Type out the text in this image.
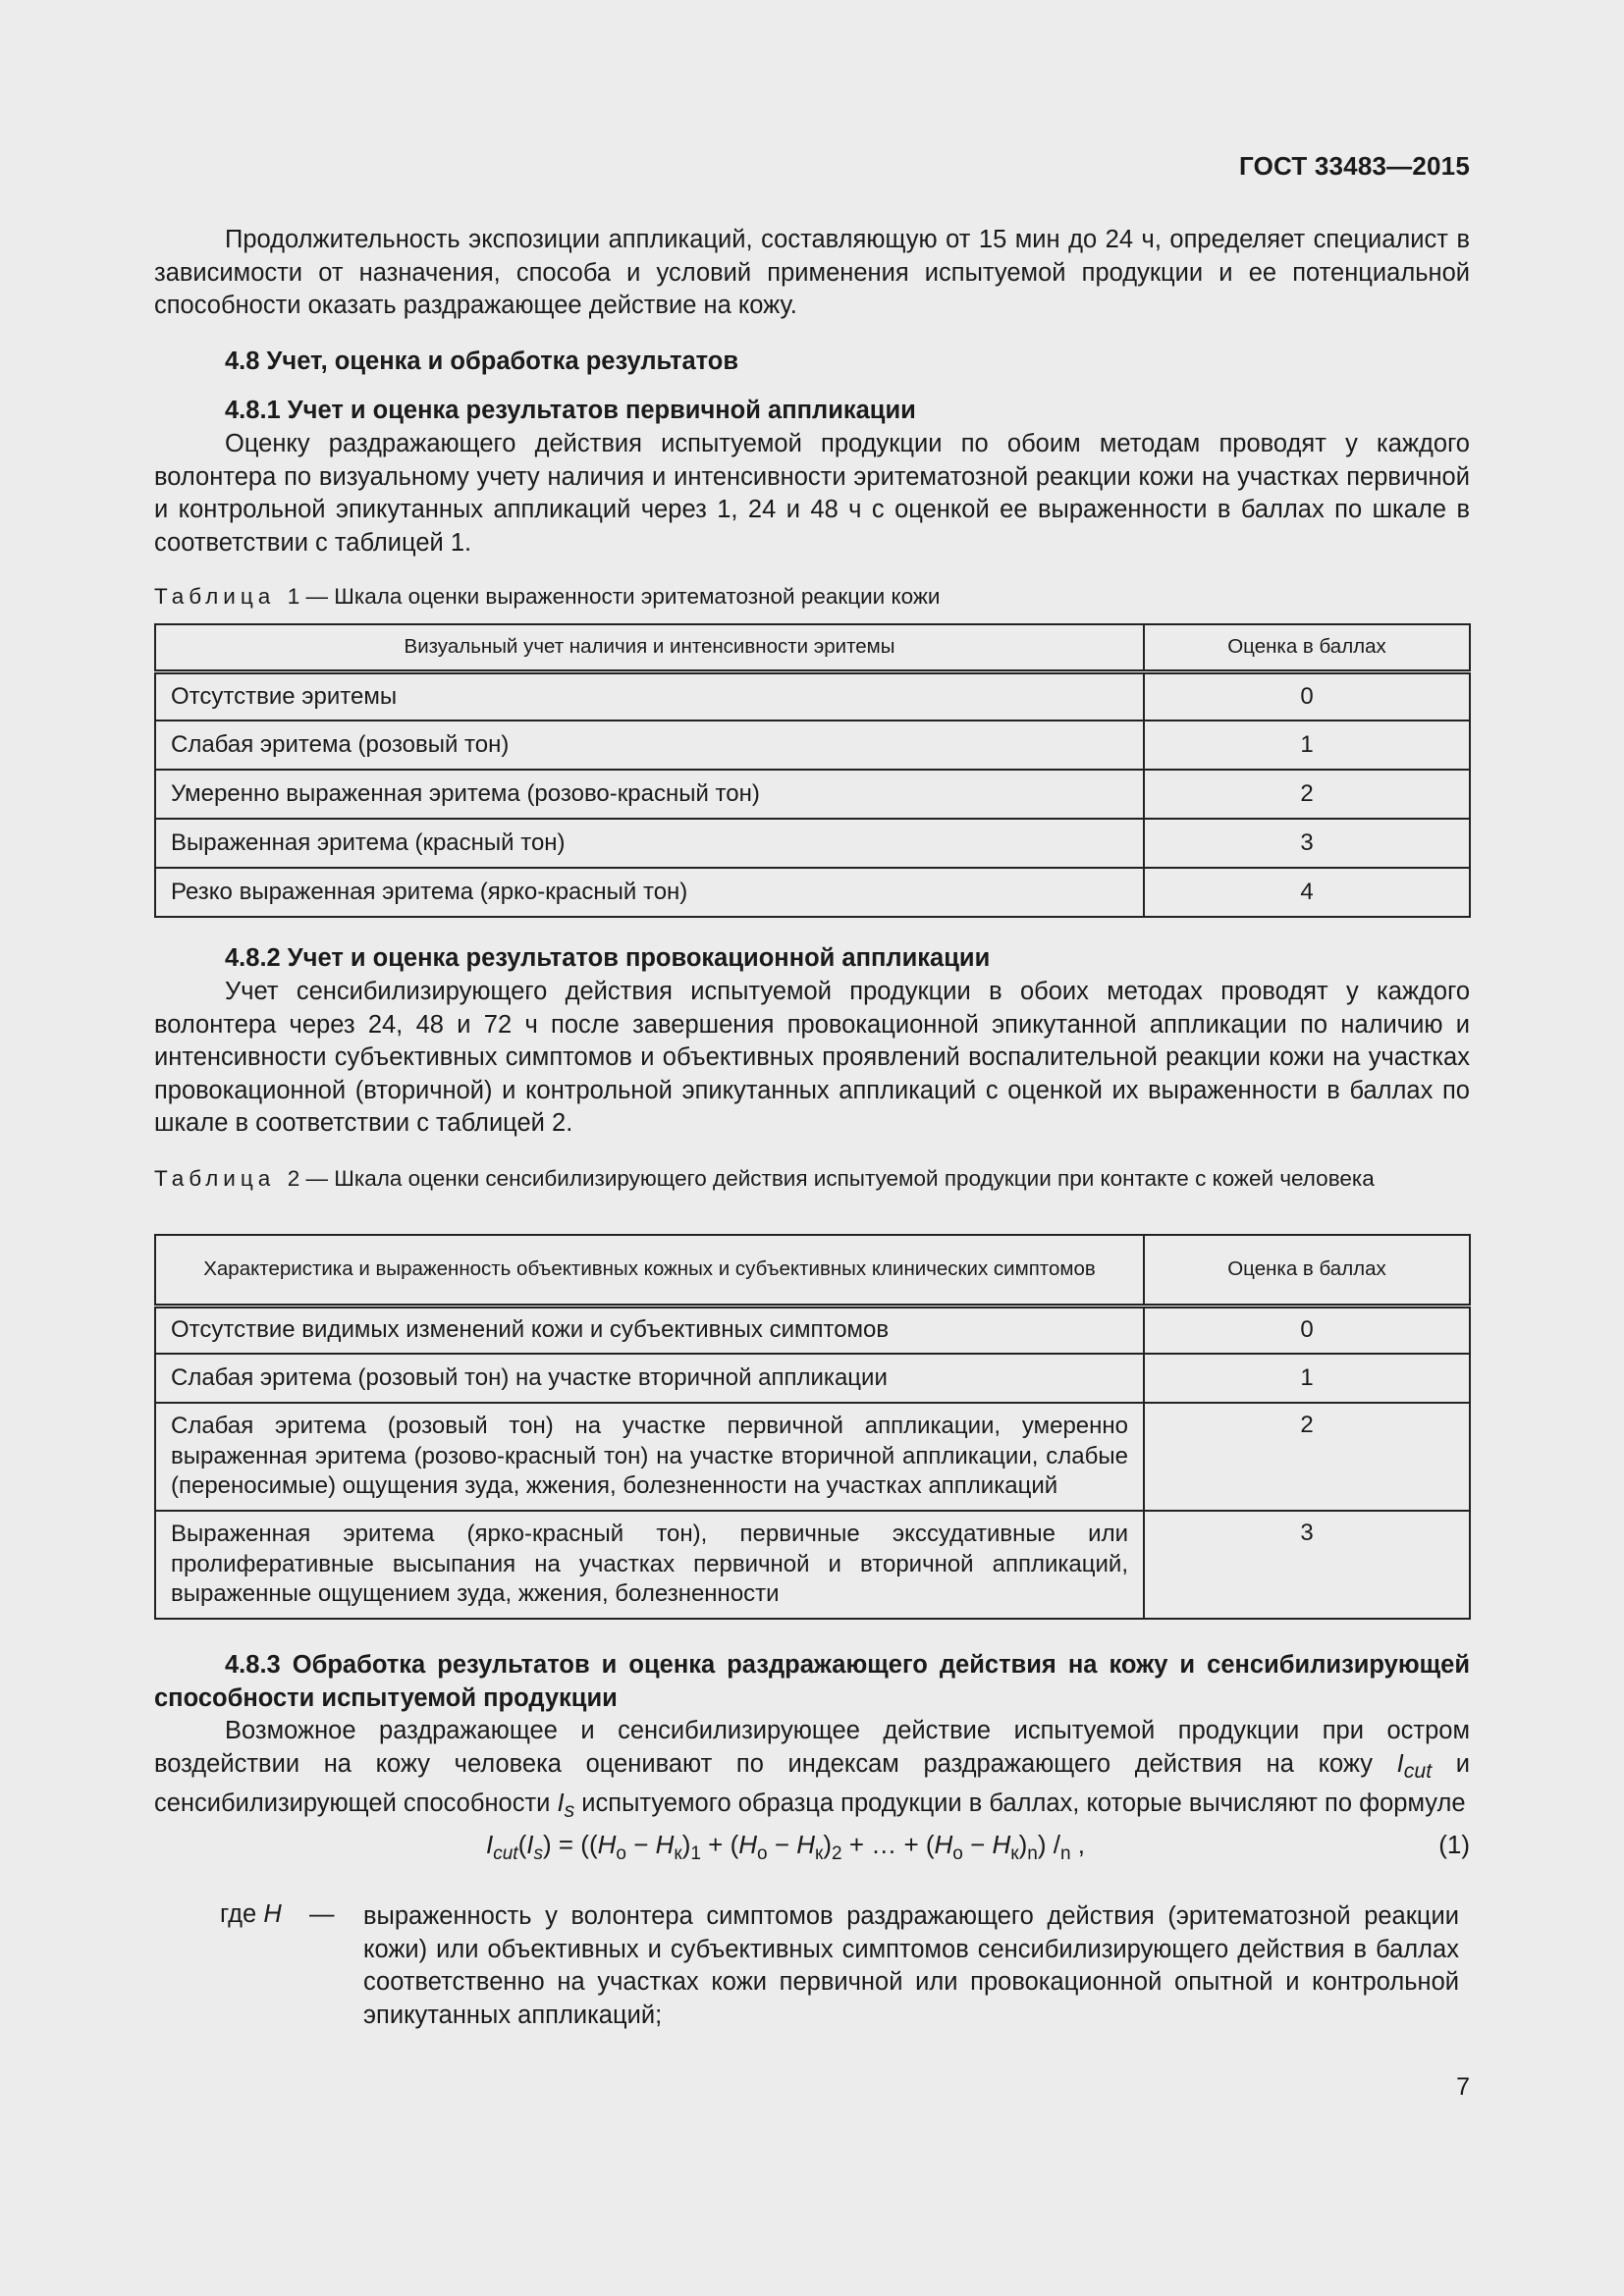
ГОСТ 33483—2015
Продолжительность экспозиции аппликаций, составляющую от 15 мин до 24 ч, определяет специалист в зависимости от назначения, способа и условий применения испытуемой продукции и ее потенциальной способности оказать раздражающее действие на кожу.
4.8 Учет, оценка и обработка результатов
4.8.1 Учет и оценка результатов первичной аппликации
Оценку раздражающего действия испытуемой продукции по обоим методам проводят у каждого волонтера по визуальному учету наличия и интенсивности эритематозной реакции кожи на участках первичной и контрольной эпикутанных аппликаций через 1, 24 и 48 ч с оценкой ее выраженности в баллах по шкале в соответствии с таблицей 1.
Таблица 1 — Шкала оценки выраженности эритематозной реакции кожи
Визуальный учет наличия и интенсивности эритемы	Оценка в баллах
Отсутствие эритемы	0
Слабая эритема (розовый тон)	1
Умеренно выраженная эритема (розово-красный тон)	2
Выраженная эритема (красный тон)	3
Резко выраженная эритема (ярко-красный тон)	4
4.8.2 Учет и оценка результатов провокационной аппликации
Учет сенсибилизирующего действия испытуемой продукции в обоих методах проводят у каждого волонтера через 24, 48 и 72 ч после завершения провокационной эпикутанной аппликации по наличию и интенсивности субъективных симптомов и объективных проявлений воспалительной реакции кожи на участках провокационной (вторичной) и контрольной эпикутанных аппликаций с оценкой их выраженности в баллах по шкале в соответствии с таблицей 2.
Таблица 2 — Шкала оценки сенсибилизирующего действия испытуемой продукции при контакте с кожей человека
Характеристика и выраженность объективных кожных и субъективных клинических симптомов	Оценка в баллах
Отсутствие видимых изменений кожи и субъективных симптомов	0
Слабая эритема (розовый тон) на участке вторичной аппликации	1
Слабая эритема (розовый тон) на участке первичной аппликации, умеренно выраженная эритема (розово-красный тон) на участке вторичной аппликации, слабые (переносимые) ощущения зуда, жжения, болезненности на участках аппликаций	2
Выраженная эритема (ярко-красный тон), первичные экссудативные или пролиферативные высыпания на участках первичной и вторичной аппликаций, выраженные ощущением зуда, жжения, болезненности	3
4.8.3 Обработка результатов и оценка раздражающего действия на кожу и сенсибилизирующей способности испытуемой продукции
Возможное раздражающее и сенсибилизирующее действие испытуемой продукции при остром воздействии на кожу человека оценивают по индексам раздражающего действия на кожу $I_{cut}$ и сенсибилизирующей способности $I_s$ испытуемого образца продукции в баллах, которые вычисляют по формуле
$I_{cut}(I_s) = ((H_о - H_к)_1 + (H_о - H_к)_2$ + … + $(H_о - H_к)_n$) $/_n$ ,	(1)
где H — выраженность у волонтера симптомов раздражающего действия (эритематозной реакции кожи) или объективных и субъективных симптомов сенсибилизирующего действия в баллах соответственно на участках кожи первичной или провокационной опытной и контрольной эпикутанных аппликаций;
7
